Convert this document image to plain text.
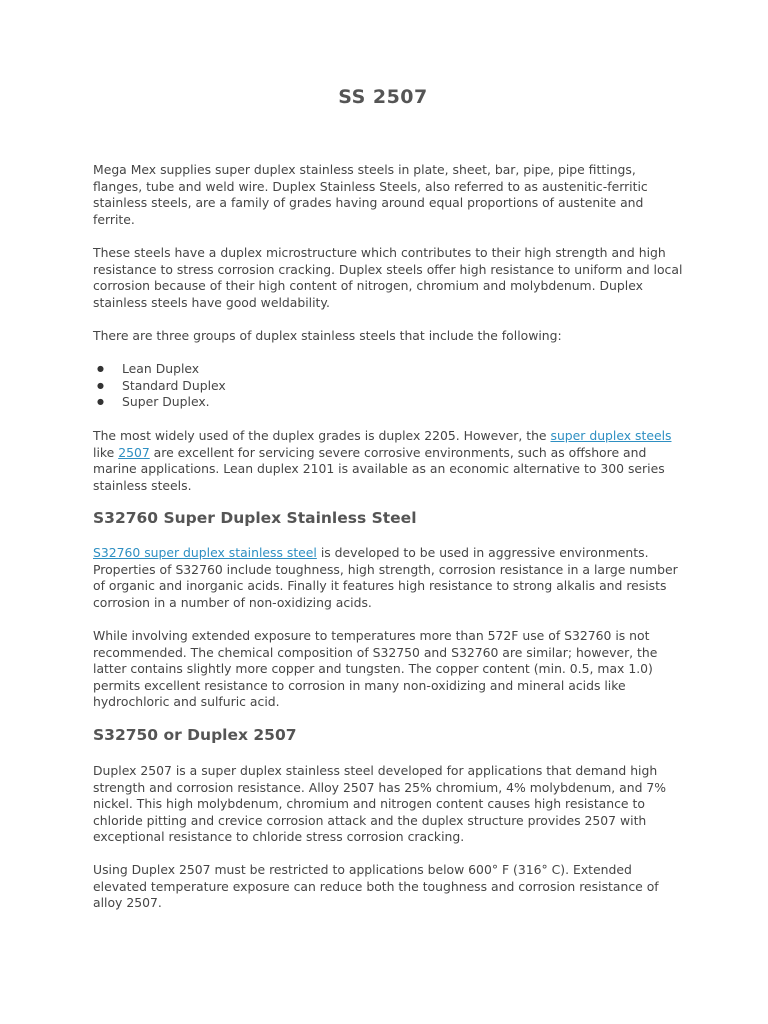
SS 2507

Mega Mex supplies super duplex stainless steels in plate, sheet, bar, pipe, pipe fittings, flanges, tube and weld wire. Duplex Stainless Steels, also referred to as austenitic-ferritic stainless steels, are a family of grades having around equal proportions of austenite and ferrite.

These steels have a duplex microstructure which contributes to their high strength and high resistance to stress corrosion cracking. Duplex steels offer high resistance to uniform and local corrosion because of their high content of nitrogen, chromium and molybdenum. Duplex stainless steels have good weldability.

There are three groups of duplex stainless steels that include the following:

● Lean Duplex
● Standard Duplex
● Super Duplex.

The most widely used of the duplex grades is duplex 2205. However, the super duplex steels like 2507 are excellent for servicing severe corrosive environments, such as offshore and marine applications. Lean duplex 2101 is available as an economic alternative to 300 series stainless steels.

S32760 Super Duplex Stainless Steel

S32760 super duplex stainless steel is developed to be used in aggressive environments. Properties of S32760 include toughness, high strength, corrosion resistance in a large number of organic and inorganic acids. Finally it features high resistance to strong alkalis and resists corrosion in a number of non-oxidizing acids.

While involving extended exposure to temperatures more than 572F use of S32760 is not recommended. The chemical composition of S32750 and S32760 are similar; however, the latter contains slightly more copper and tungsten. The copper content (min. 0.5, max 1.0) permits excellent resistance to corrosion in many non-oxidizing and mineral acids like hydrochloric and sulfuric acid.

S32750 or Duplex 2507

Duplex 2507 is a super duplex stainless steel developed for applications that demand high strength and corrosion resistance. Alloy 2507 has 25% chromium, 4% molybdenum, and 7% nickel. This high molybdenum, chromium and nitrogen content causes high resistance to chloride pitting and crevice corrosion attack and the duplex structure provides 2507 with exceptional resistance to chloride stress corrosion cracking.

Using Duplex 2507 must be restricted to applications below 600° F (316° C). Extended elevated temperature exposure can reduce both the toughness and corrosion resistance of alloy 2507.
